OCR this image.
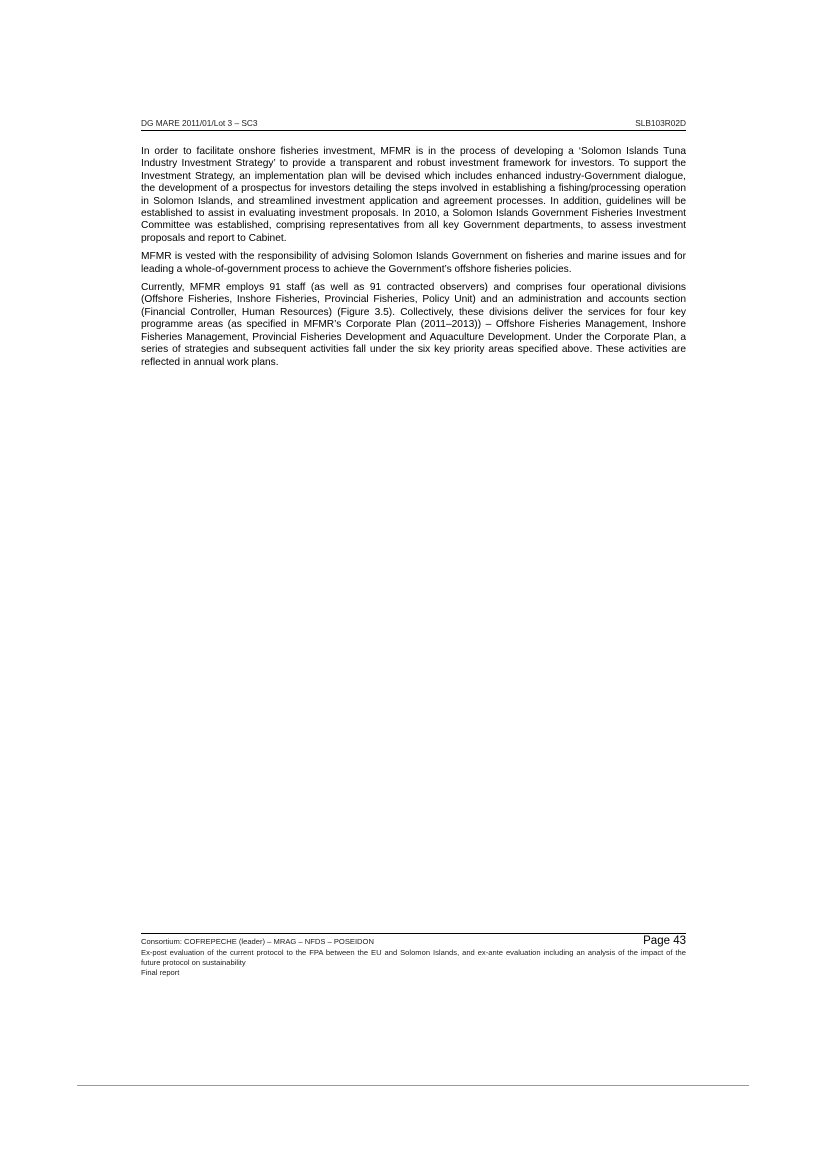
DG MARE 2011/01/Lot 3 – SC3	SLB103R02D

In order to facilitate onshore fisheries investment, MFMR is in the process of developing a ‘Solomon Islands Tuna Industry Investment Strategy’ to provide a transparent and robust investment framework for investors. To support the Investment Strategy, an implementation plan will be devised which includes enhanced industry-Government dialogue, the development of a prospectus for investors detailing the steps involved in establishing a fishing/processing operation in Solomon Islands, and streamlined investment application and agreement processes. In addition, guidelines will be established to assist in evaluating investment proposals. In 2010, a Solomon Islands Government Fisheries Investment Committee was established, comprising representatives from all key Government departments, to assess investment proposals and report to Cabinet.

MFMR is vested with the responsibility of advising Solomon Islands Government on fisheries and marine issues and for leading a whole-of-government process to achieve the Government’s offshore fisheries policies.

Currently, MFMR employs 91 staff (as well as 91 contracted observers) and comprises four operational divisions (Offshore Fisheries, Inshore Fisheries, Provincial Fisheries, Policy Unit) and an administration and accounts section (Financial Controller, Human Resources) (Figure 3.5). Collectively, these divisions deliver the services for four key programme areas (as specified in MFMR’s Corporate Plan (2011–2013)) – Offshore Fisheries Management, Inshore Fisheries Management, Provincial Fisheries Development and Aquaculture Development. Under the Corporate Plan, a series of strategies and subsequent activities fall under the six key priority areas specified above. These activities are reflected in annual work plans.

Consortium: COFREPECHE (leader) – MRAG – NFDS – POSEIDON	Page 43
Ex-post evaluation of the current protocol to the FPA between the EU and Solomon Islands, and ex-ante evaluation including an analysis of the impact of the future protocol on sustainability
Final report
